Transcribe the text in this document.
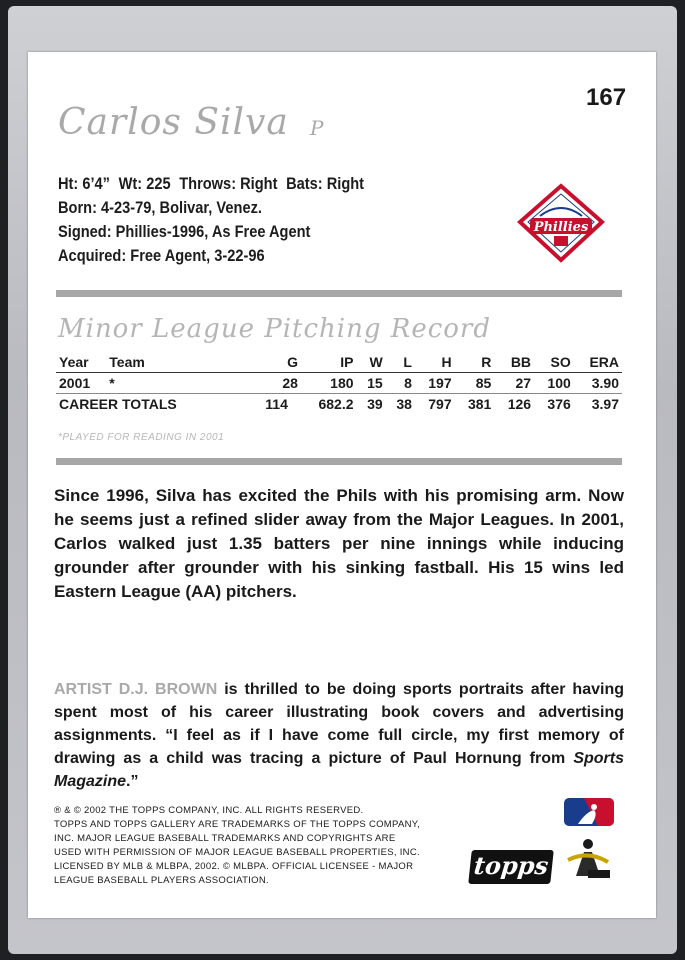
167
Carlos Silva P
Ht: 6’4” Wt: 225 Throws: Right Bats: Right
Born: 4-23-79, Bolivar, Venez.
Signed: Phillies-1996, As Free Agent
Acquired: Free Agent, 3-22-96
Phillies
Minor League Pitching Record
Year	Team	G	IP	W	L	H	R	BB	SO	ERA
2001	*	28	180	15	8	197	85	27	100	3.90
CAREER TOTALS		114	682.2	39	38	797	381	126	376	3.97
*PLAYED FOR READING IN 2001
Since 1996, Silva has excited the Phils with his promising arm. Now he seems just a refined slider away from the Major Leagues. In 2001, Carlos walked just 1.35 batters per nine innings while inducing grounder after grounder with his sinking fastball. His 15 wins led Eastern League (AA) pitchers.
ARTIST D.J. BROWN is thrilled to be doing sports portraits after having spent most of his career illustrating book covers and advertising assignments. “I feel as if I have come full circle, my first memory of drawing as a child was tracing a picture of Paul Hornung from Sports Magazine.”
® & © 2002 THE TOPPS COMPANY, INC. ALL RIGHTS RESERVED.
TOPPS AND TOPPS GALLERY ARE TRADEMARKS OF THE TOPPS COMPANY,
INC. MAJOR LEAGUE BASEBALL TRADEMARKS AND COPYRIGHTS ARE
USED WITH PERMISSION OF MAJOR LEAGUE BASEBALL PROPERTIES, INC.
LICENSED BY MLB & MLBPA, 2002. © MLBPA. OFFICIAL LICENSEE - MAJOR
LEAGUE BASEBALL PLAYERS ASSOCIATION.
topps
